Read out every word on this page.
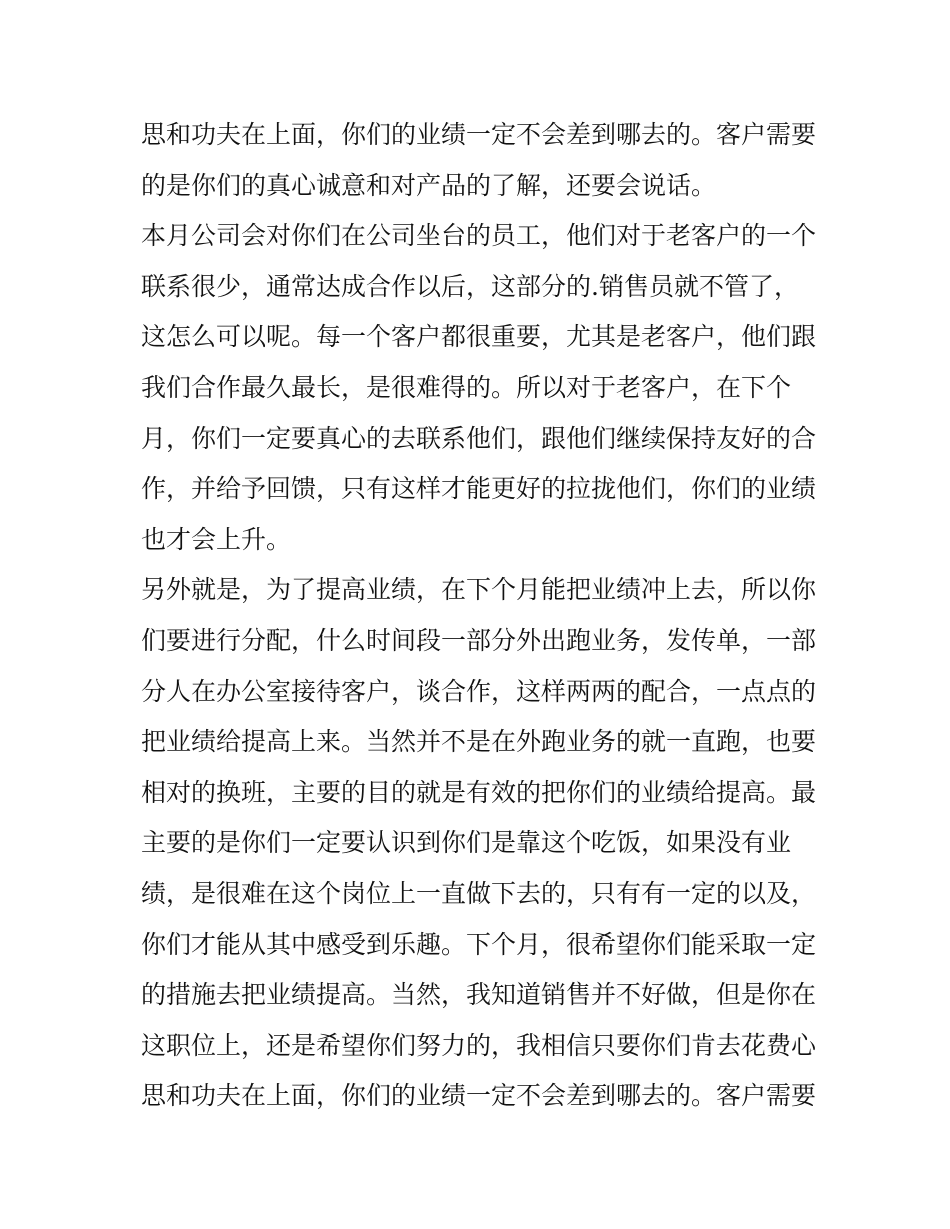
思和功夫在上面，你们的业绩一定不会差到哪去的。客户需要
的是你们的真心诚意和对产品的了解，还要会说话。
本月公司会对你们在公司坐台的员工，他们对于老客户的一个
联系很少，通常达成合作以后，这部分的.销售员就不管了，
这怎么可以呢。每一个客户都很重要，尤其是老客户，他们跟
我们合作最久最长，是很难得的。所以对于老客户，在下个
月，你们一定要真心的去联系他们，跟他们继续保持友好的合
作，并给予回馈，只有这样才能更好的拉拢他们，你们的业绩
也才会上升。
另外就是，为了提高业绩，在下个月能把业绩冲上去，所以你
们要进行分配，什么时间段一部分外出跑业务，发传单，一部
分人在办公室接待客户，谈合作，这样两两的配合，一点点的
把业绩给提高上来。当然并不是在外跑业务的就一直跑，也要
相对的换班，主要的目的就是有效的把你们的业绩给提高。最
主要的是你们一定要认识到你们是靠这个吃饭，如果没有业
绩，是很难在这个岗位上一直做下去的，只有有一定的以及，
你们才能从其中感受到乐趣。下个月，很希望你们能采取一定
的措施去把业绩提高。当然，我知道销售并不好做，但是你在
这职位上，还是希望你们努力的，我相信只要你们肯去花费心
思和功夫在上面，你们的业绩一定不会差到哪去的。客户需要
